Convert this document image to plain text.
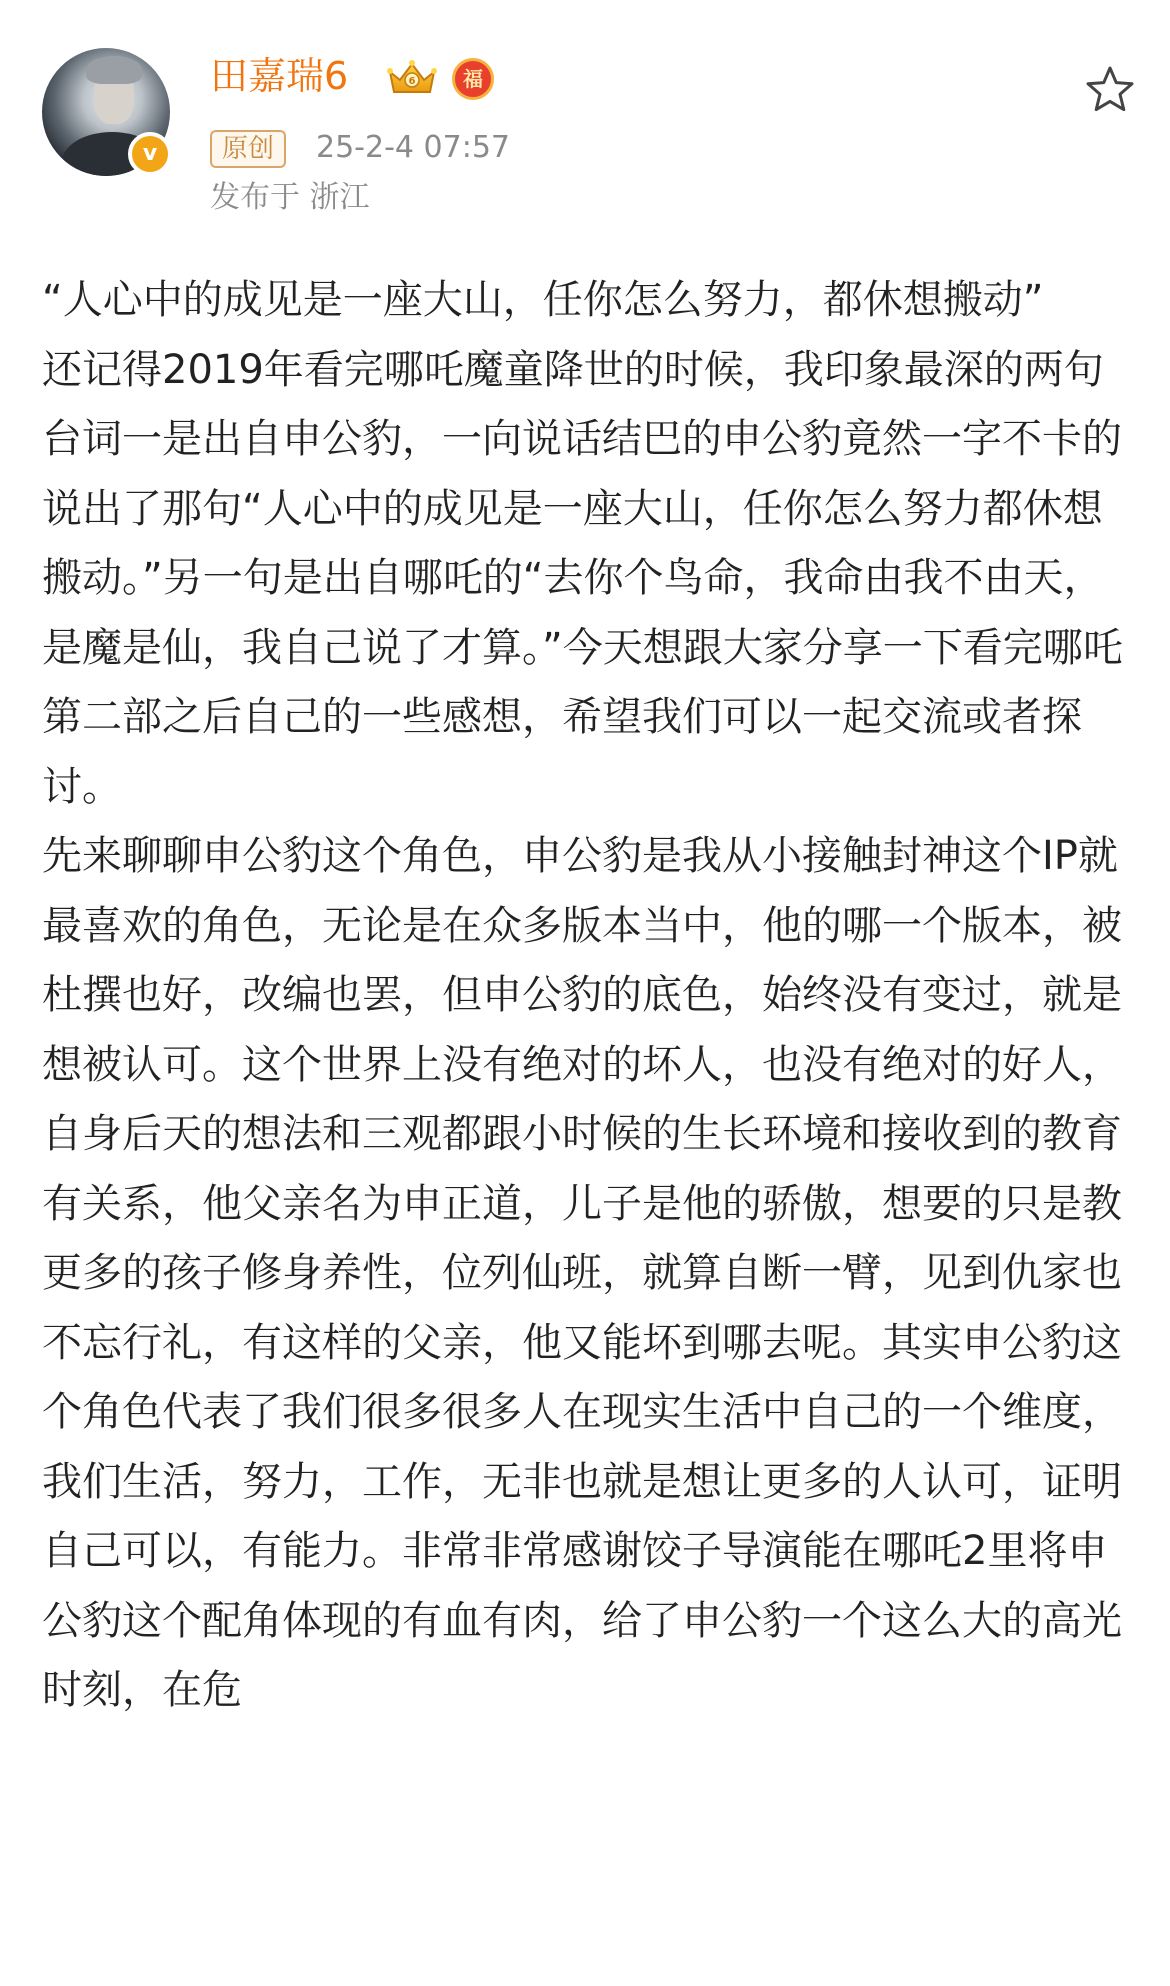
v
田嘉瑞6	6	福
原创	25-2-4 07:57
发布于 浙江

“人心中的成见是一座大山，任你怎么努力，都休想搬动”

还记得2019年看完哪吒魔童降世的时候，我印象最深的两句台词一是出自申公豹，一向说话结巴的申公豹竟然一字不卡的说出了那句“人心中的成见是一座大山，任你怎么努力都休想搬动。”另一句是出自哪吒的“去你个鸟命，我命由我不由天，是魔是仙，我自己说了才算。”今天想跟大家分享一下看完哪吒第二部之后自己的一些感想，希望我们可以一起交流或者探讨。

先来聊聊申公豹这个角色，申公豹是我从小接触封神这个IP就最喜欢的角色，无论是在众多版本当中，他的哪一个版本，被杜撰也好，改编也罢，但申公豹的底色，始终没有变过，就是想被认可。这个世界上没有绝对的坏人，也没有绝对的好人，自身后天的想法和三观都跟小时候的生长环境和接收到的教育有关系，他父亲名为申正道，儿子是他的骄傲，想要的只是教更多的孩子修身养性，位列仙班，就算自断一臂，见到仇家也不忘行礼，有这样的父亲，他又能坏到哪去呢。其实申公豹这个角色代表了我们很多很多人在现实生活中自己的一个维度，我们生活，努力，工作，无非也就是想让更多的人认可，证明自己可以，有能力。非常非常感谢饺子导演能在哪吒2里将申公豹这个配角体现的有血有肉，给了申公豹一个这么大的高光时刻，在危
